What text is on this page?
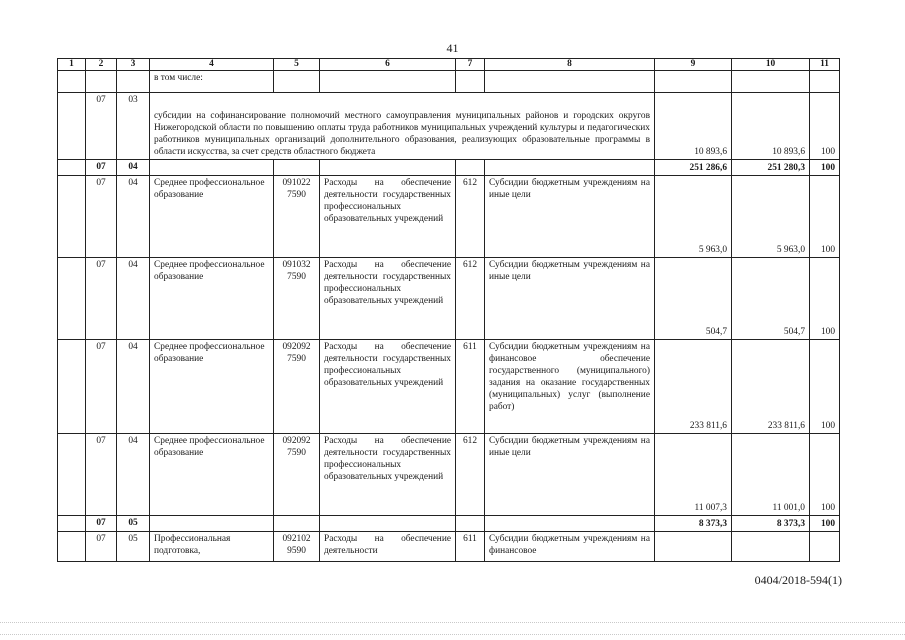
41
1	2	3	4	5	6	7	8	9	10	11
			в том числе:							
	07	03	субсидии на софинансирование полномочий местного самоуправления муниципальных районов и городских округов Нижегородской области по повышению оплаты труда работников муниципальных учреждений культуры и педагогических работников муниципальных организаций дополнительного образования, реализующих образовательные программы в области искусства, за счет средств областного бюджета					10 893,6	10 893,6	100
	07	04						251 286,6	251 280,3	100
	07	04	Среднее профессиональное образование	091022 7590	Расходы на обеспечение деятельности государственных профессиональных образовательных учреждений	612	Субсидии бюджетным учреждениям на иные цели	5 963,0	5 963,0	100
	07	04	Среднее профессиональное образование	091032 7590	Расходы на обеспечение деятельности государственных профессиональных образовательных учреждений	612	Субсидии бюджетным учреждениям на иные цели	504,7	504,7	100
	07	04	Среднее профессиональное образование	092092 7590	Расходы на обеспечение деятельности государственных профессиональных образовательных учреждений	611	Субсидии бюджетным учреждениям на финансовое обеспечение государственного (муниципального) задания на оказание государственных (муниципальных) услуг (выполнение работ)	233 811,6	233 811,6	100
	07	04	Среднее профессиональное образование	092092 7590	Расходы на обеспечение деятельности государственных профессиональных образовательных учреждений	612	Субсидии бюджетным учреждениям на иные цели	11 007,3	11 001,0	100
	07	05						8 373,3	8 373,3	100
	07	05	Профессиональная подготовка,	092102 9590	Расходы на обеспечение деятельности	611	Субсидии бюджетным учреждениям на финансовое			
0404/2018-594(1)
